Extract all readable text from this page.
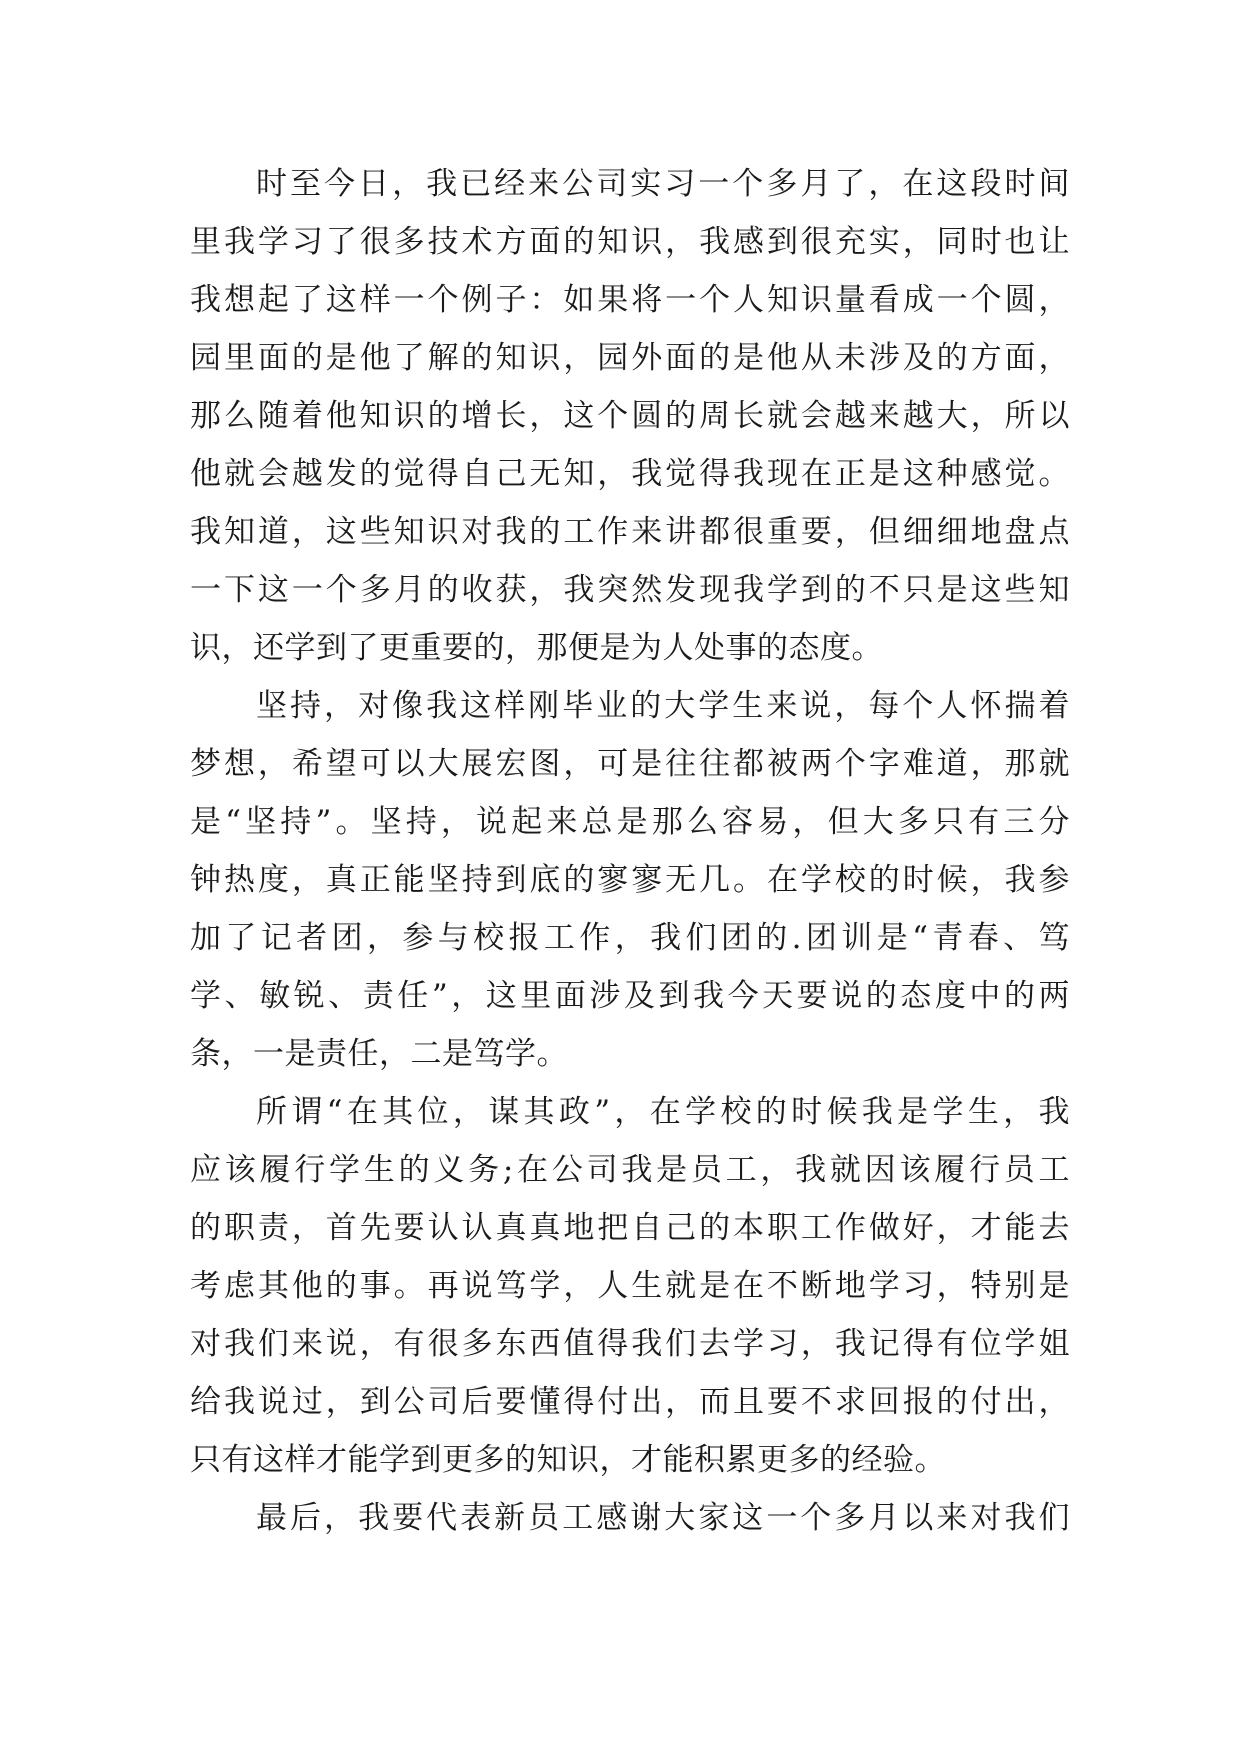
时至今日，我已经来公司实习一个多月了，在这段时间
里我学习了很多技术方面的知识，我感到很充实，同时也让
我想起了这样一个例子：如果将一个人知识量看成一个圆，
园里面的是他了解的知识，园外面的是他从未涉及的方面，
那么随着他知识的增长，这个圆的周长就会越来越大，所以
他就会越发的觉得自己无知，我觉得我现在正是这种感觉。
我知道，这些知识对我的工作来讲都很重要，但细细地盘点
一下这一个多月的收获，我突然发现我学到的不只是这些知
识，还学到了更重要的，那便是为人处事的态度。
坚持，对像我这样刚毕业的大学生来说，每个人怀揣着
梦想，希望可以大展宏图，可是往往都被两个字难道，那就
是“坚持”。坚持，说起来总是那么容易，但大多只有三分
钟热度，真正能坚持到底的寥寥无几。在学校的时候，我参
加了记者团，参与校报工作，我们团的.团训是“青春、笃
学、敏锐、责任”，这里面涉及到我今天要说的态度中的两
条，一是责任，二是笃学。
所谓“在其位，谋其政”，在学校的时候我是学生，我
应该履行学生的义务;在公司我是员工，我就因该履行员工
的职责，首先要认认真真地把自己的本职工作做好，才能去
考虑其他的事。再说笃学，人生就是在不断地学习，特别是
对我们来说，有很多东西值得我们去学习，我记得有位学姐
给我说过，到公司后要懂得付出，而且要不求回报的付出，
只有这样才能学到更多的知识，才能积累更多的经验。
最后，我要代表新员工感谢大家这一个多月以来对我们
